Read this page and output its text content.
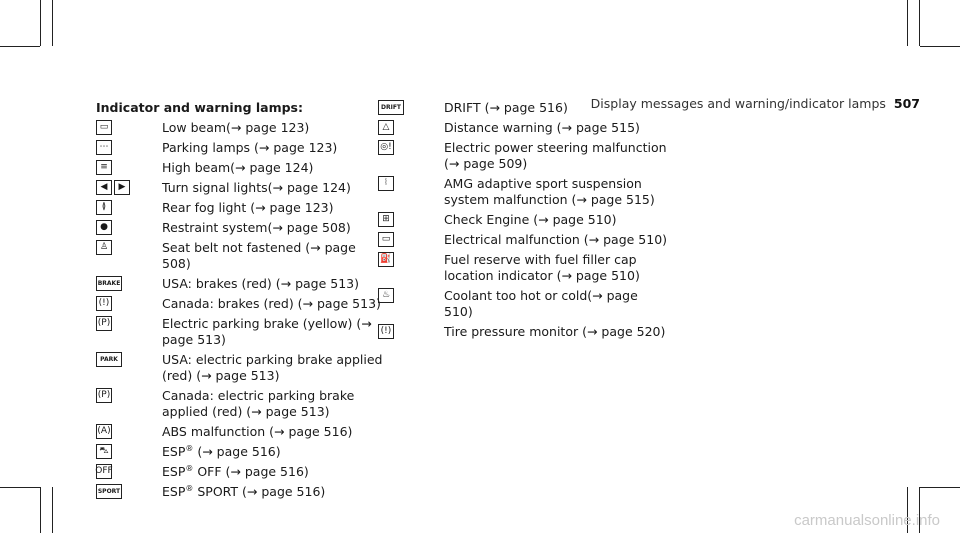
Display messages and warning/indicator lamps 507
Indicator and warning lamps:
▭	Low beam(→ page 123)
⋯	Parking lamps (→ page 123)
≡	High beam(→ page 124)
◀	▶	Turn signal lights(→ page 124)
≬	Rear fog light (→ page 123)
●	Restraint system(→ page 508)
♙	Seat belt not fastened (→ page 508)
BRAKE	USA: brakes (red) (→ page 513)
(!)	Canada: brakes (red) (→ page 513)
(P)	Electric parking brake (yellow) (→ page 513)
PARK	USA: electric parking brake applied (red) (→ page 513)
(P)	Canada: electric parking brake applied (red) (→ page 513)
(A)	ABS malfunction (→ page 516)
⛍	ESP® (→ page 516)
OFF	ESP® OFF (→ page 516)
SPORT	ESP® SPORT (→ page 516)
DRIFT	DRIFT (→ page 516)
△	Distance warning (→ page 515)
◎!	Electric power steering malfunction (→ page 509)
⦚	AMG adaptive sport suspension system malfunction (→ page 515)
⊞	Check Engine (→ page 510)
▭	Electrical malfunction (→ page 510)
⛽	Fuel reserve with fuel filler cap location indicator (→ page 510)
♨	Coolant too hot or cold(→ page 510)
(!)	Tire pressure monitor (→ page 520)
carmanualsonline.info
